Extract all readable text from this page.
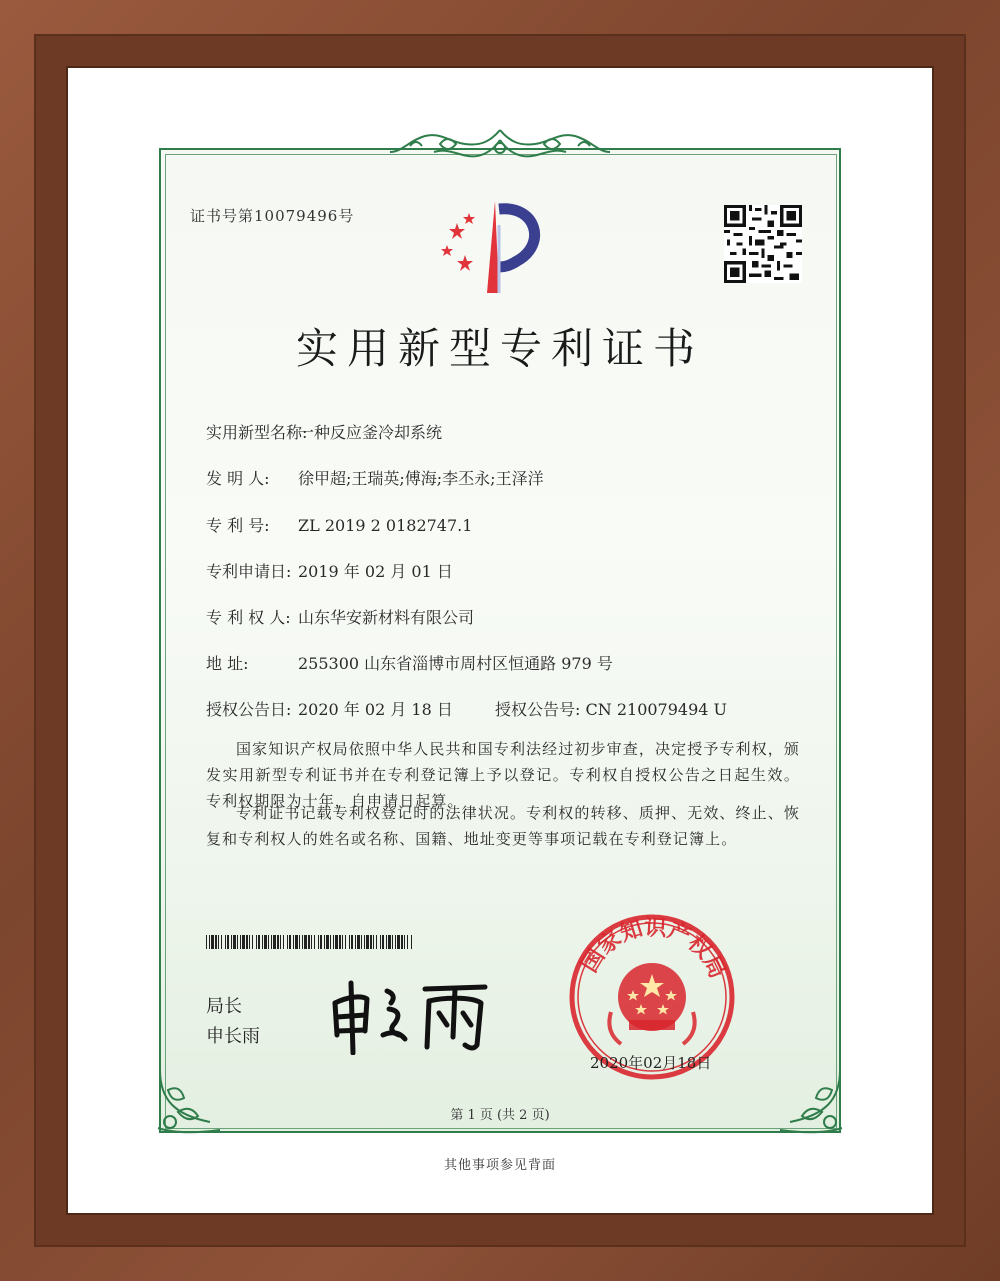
证书号第10079496号
实用新型专利证书
实用新型名称:一种反应釜冷却系统
发 明 人: 徐甲超;王瑞英;傅海;李丕永;王泽洋
专 利 号: ZL 2019 2 0182747.1
专利申请日: 2019 年 02 月 01 日
专 利 权 人: 山东华安新材料有限公司
地 址:	255300 山东省淄博市周村区恒通路 979 号
授权公告日: 2020 年 02 月 18 日	授权公告号: CN 210079494 U
国家知识产权局依照中华人民共和国专利法经过初步审查，决定授予专利权，颁发实用新型专利证书并在专利登记簿上予以登记。专利权自授权公告之日起生效。专利权期限为十年，自申请日起算。
专利证书记载专利权登记时的法律状况。专利权的转移、质押、无效、终止、恢复和专利权人的姓名或名称、国籍、地址变更等事项记载在专利登记簿上。
局长
申长雨
国家知识产权局
2020年02月18日
第 1 页 (共 2 页)
其他事项参见背面
